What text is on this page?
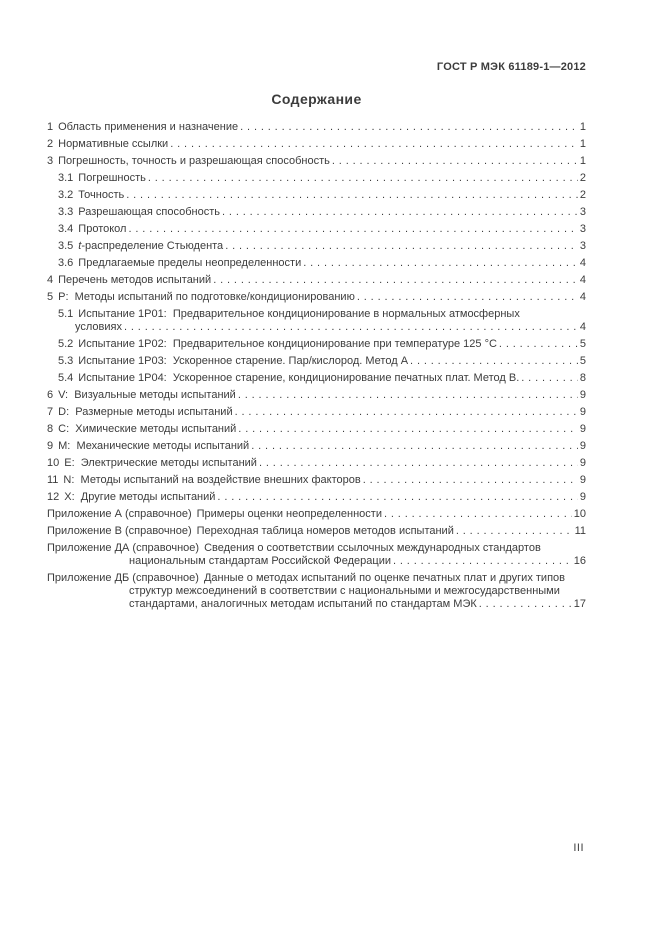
ГОСТ Р МЭК 61189-1—2012
Содержание
1 Область применения и назначение . . .	1
2 Нормативные ссылки . . .	1
3 Погрешность, точность и разрешающая способность . . .	1
3.1 Погрешность . . .	2
3.2 Точность . . .	2
3.3 Разрешающая способность . . .	3
3.4 Протокол . . .	3
3.5 t-распределение Стьюдента . . .	3
3.6 Предлагаемые пределы неопределенности . . .	4
4 Перечень методов испытаний . . .	4
5 P:  Методы испытаний по подготовке/кондиционированию . . .	4
5.1 Испытание 1P01:  Предварительное кондиционирование в нормальных атмосферных
условиях . . .	4
5.2 Испытание 1P02:  Предварительное кондиционирование при температуре 125 °С . . .	5
5.3 Испытание 1P03:  Ускоренное старение. Пар/кислород. Метод А . . .	5
5.4 Испытание 1P04:  Ускоренное старение, кондиционирование печатных плат. Метод В. . . .	8
6 V:  Визуальные методы испытаний . . .	9
7 D:  Размерные методы испытаний . . .	9
8 C:  Химические методы испытаний . . .	9
9 M:  Механические методы испытаний . . .	9
10 E:  Электрические методы испытаний . . .	9
11 N:  Методы испытаний на воздействие внешних факторов . . .	9
12 X:  Другие методы испытаний . . .	9
Приложение А (справочное) Примеры оценки неопределенности . . .	10
Приложение В (справочное) Переходная таблица номеров методов испытаний . . .	11
Приложение ДА (справочное) Сведения о соответствии ссылочных международных стандартов
национальным стандартам Российской Федерации . . .	16
Приложение ДБ (справочное) Данные о методах испытаний по оценке печатных плат и других типов
структур межсоединений в соответствии с национальными и межгосударственными
стандартами, аналогичных методам испытаний по стандартам МЭК . . .	17
III
